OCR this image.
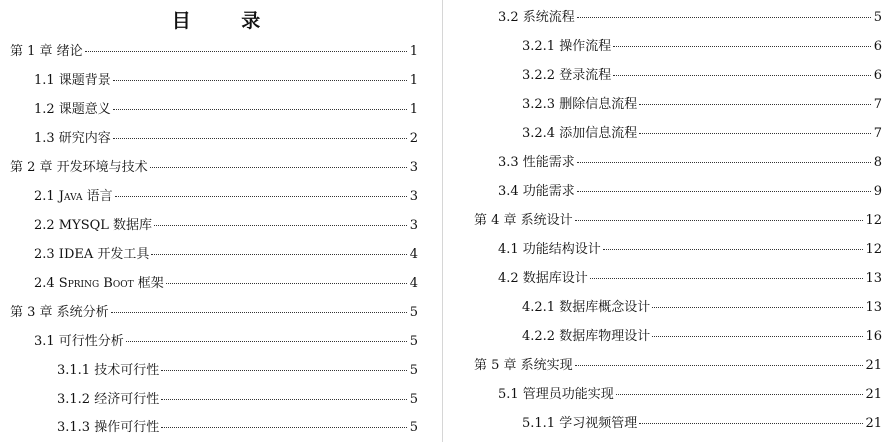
目 录
第 1 章 绪论	1
1.1 课题背景	1
1.2 课题意义	1
1.3 研究内容	2
第 2 章 开发环境与技术	3
2.1 Java 语言	3
2.2 MYSQL 数据库	3
2.3 IDEA 开发工具	4
2.4 Spring Boot 框架	4
第 3 章 系统分析	5
3.1 可行性分析	5
3.1.1 技术可行性	5
3.1.2 经济可行性	5
3.1.3 操作可行性	5
3.2 系统流程	5
3.2.1 操作流程	6
3.2.2 登录流程	6
3.2.3 删除信息流程	7
3.2.4 添加信息流程	7
3.3 性能需求	8
3.4 功能需求	9
第 4 章 系统设计	12
4.1 功能结构设计	12
4.2 数据库设计	13
4.2.1 数据库概念设计	13
4.2.2 数据库物理设计	16
第 5 章 系统实现	21
5.1 管理员功能实现	21
5.1.1 学习视频管理	21
